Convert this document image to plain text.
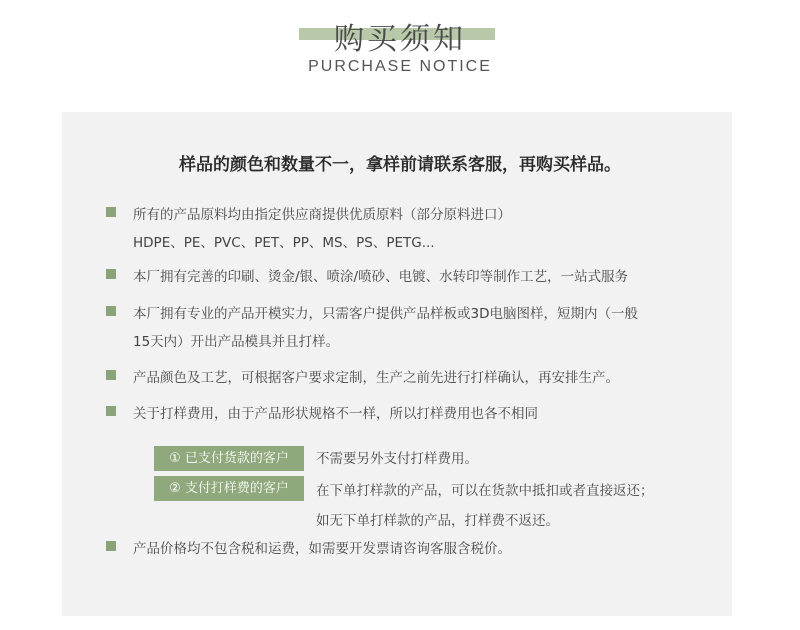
购买须知
PURCHASE NOTICE
样品的颜色和数量不一，拿样前请联系客服，再购买样品。
所有的产品原料均由指定供应商提供优质原料（部分原料进口）
HDPE、PE、PVC、PET、PP、MS、PS、PETG...
本厂拥有完善的印刷、烫金/银、喷涂/喷砂、电镀、水转印等制作工艺，一站式服务
本厂拥有专业的产品开模实力，只需客户提供产品样板或3D电脑图样，短期内（一般
15天内）开出产品模具并且打样。
产品颜色及工艺，可根据客户要求定制，生产之前先进行打样确认，再安排生产。
关于打样费用，由于产品形状规格不一样，所以打样费用也各不相同
① 已支付货款的客户	不需要另外支付打样费用。
② 支付打样费的客户	在下单打样款的产品，可以在货款中抵扣或者直接返还；
如无下单打样款的产品，打样费不返还。
产品价格均不包含税和运费，如需要开发票请咨询客服含税价。
